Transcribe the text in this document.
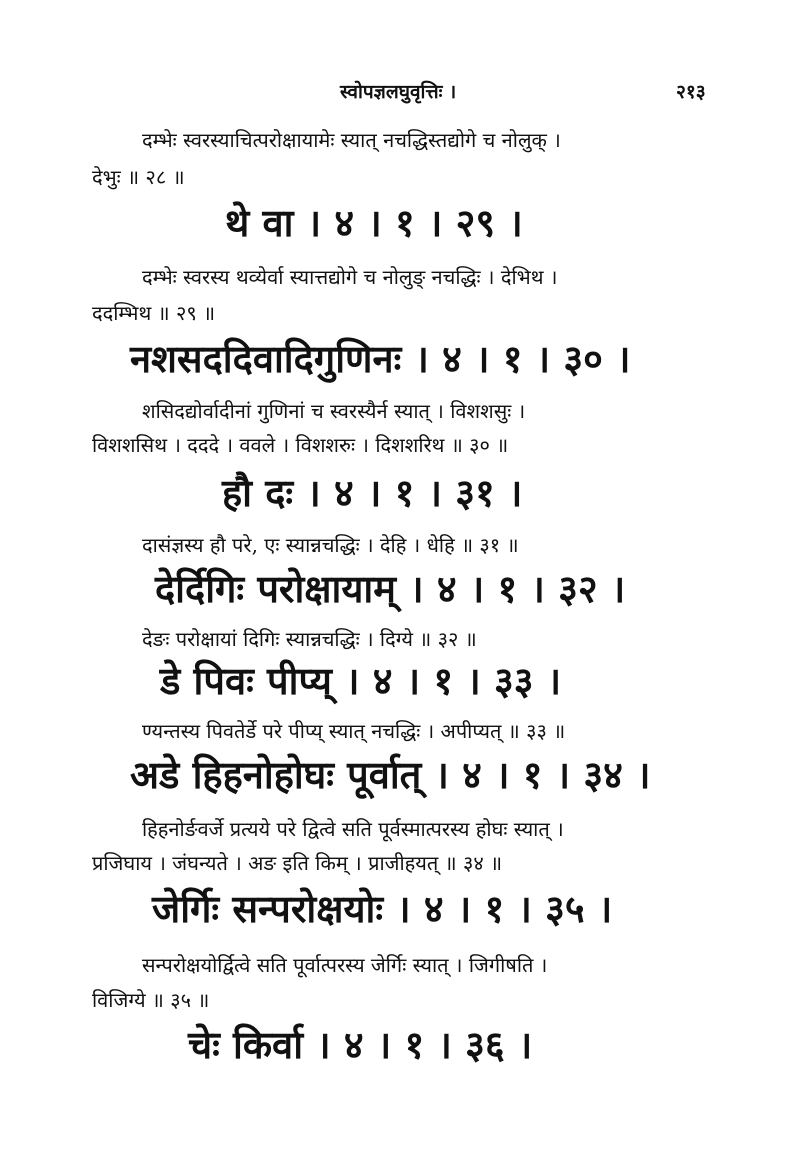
स्वोपज्ञलघुवृत्तिः ।	२१३
दम्भेः स्वरस्याचित्परोक्षायामेः स्यात् नचद्धिस्तद्योगे च नोलुक् ।
देभुः ॥ २८ ॥
थे वा । ४ । १ । २९ ।
दम्भेः स्वरस्य थव्येर्वा स्यात्तद्योगे च नोलुङ् नचद्धिः । देभिथ ।
ददम्भिथ ॥ २९ ॥
नशसददिवादिगुणिनः । ४ । १ । ३० ।
शसिदद्योर्वादीनां गुणिनां च स्वरस्यैर्न स्यात् । विशशसुः ।
विशशसिथ । दददे । ववले । विशशरुः । दिशशरिथ ॥ ३० ॥
हौ दः । ४ । १ । ३१ ।
दासंज्ञस्य हौ परे, एः स्यान्नचद्धिः । देहि । धेहि ॥ ३१ ॥
देर्दिगिः परोक्षायाम् । ४ । १ । ३२ ।
देङः परोक्षायां दिगिः स्यान्नचद्धिः । दिग्ये ॥ ३२ ॥
डे पिवः पीप्य् । ४ । १ । ३३ ।
ण्यन्तस्य पिवतेर्डे परे पीप्य् स्यात् नचद्धिः । अपीप्यत् ॥ ३३ ॥
अडे हिहनोहोघः पूर्वात् । ४ । १ । ३४ ।
हिहनोर्ङवर्जे प्रत्यये परे द्वित्वे सति पूर्वस्मात्परस्य होघः स्यात् ।
प्रजिघाय । जंघन्यते । अङ इति किम् । प्राजीहयत् ॥ ३४ ॥
जेर्गिः सन्परोक्षयोः । ४ । १ । ३५ ।
सन्परोक्षयोर्द्वित्वे सति पूर्वात्परस्य जेर्गिः स्यात् । जिगीषति ।
विजिग्ये ॥ ३५ ॥
चेः किर्वा । ४ । १ । ३६ ।
